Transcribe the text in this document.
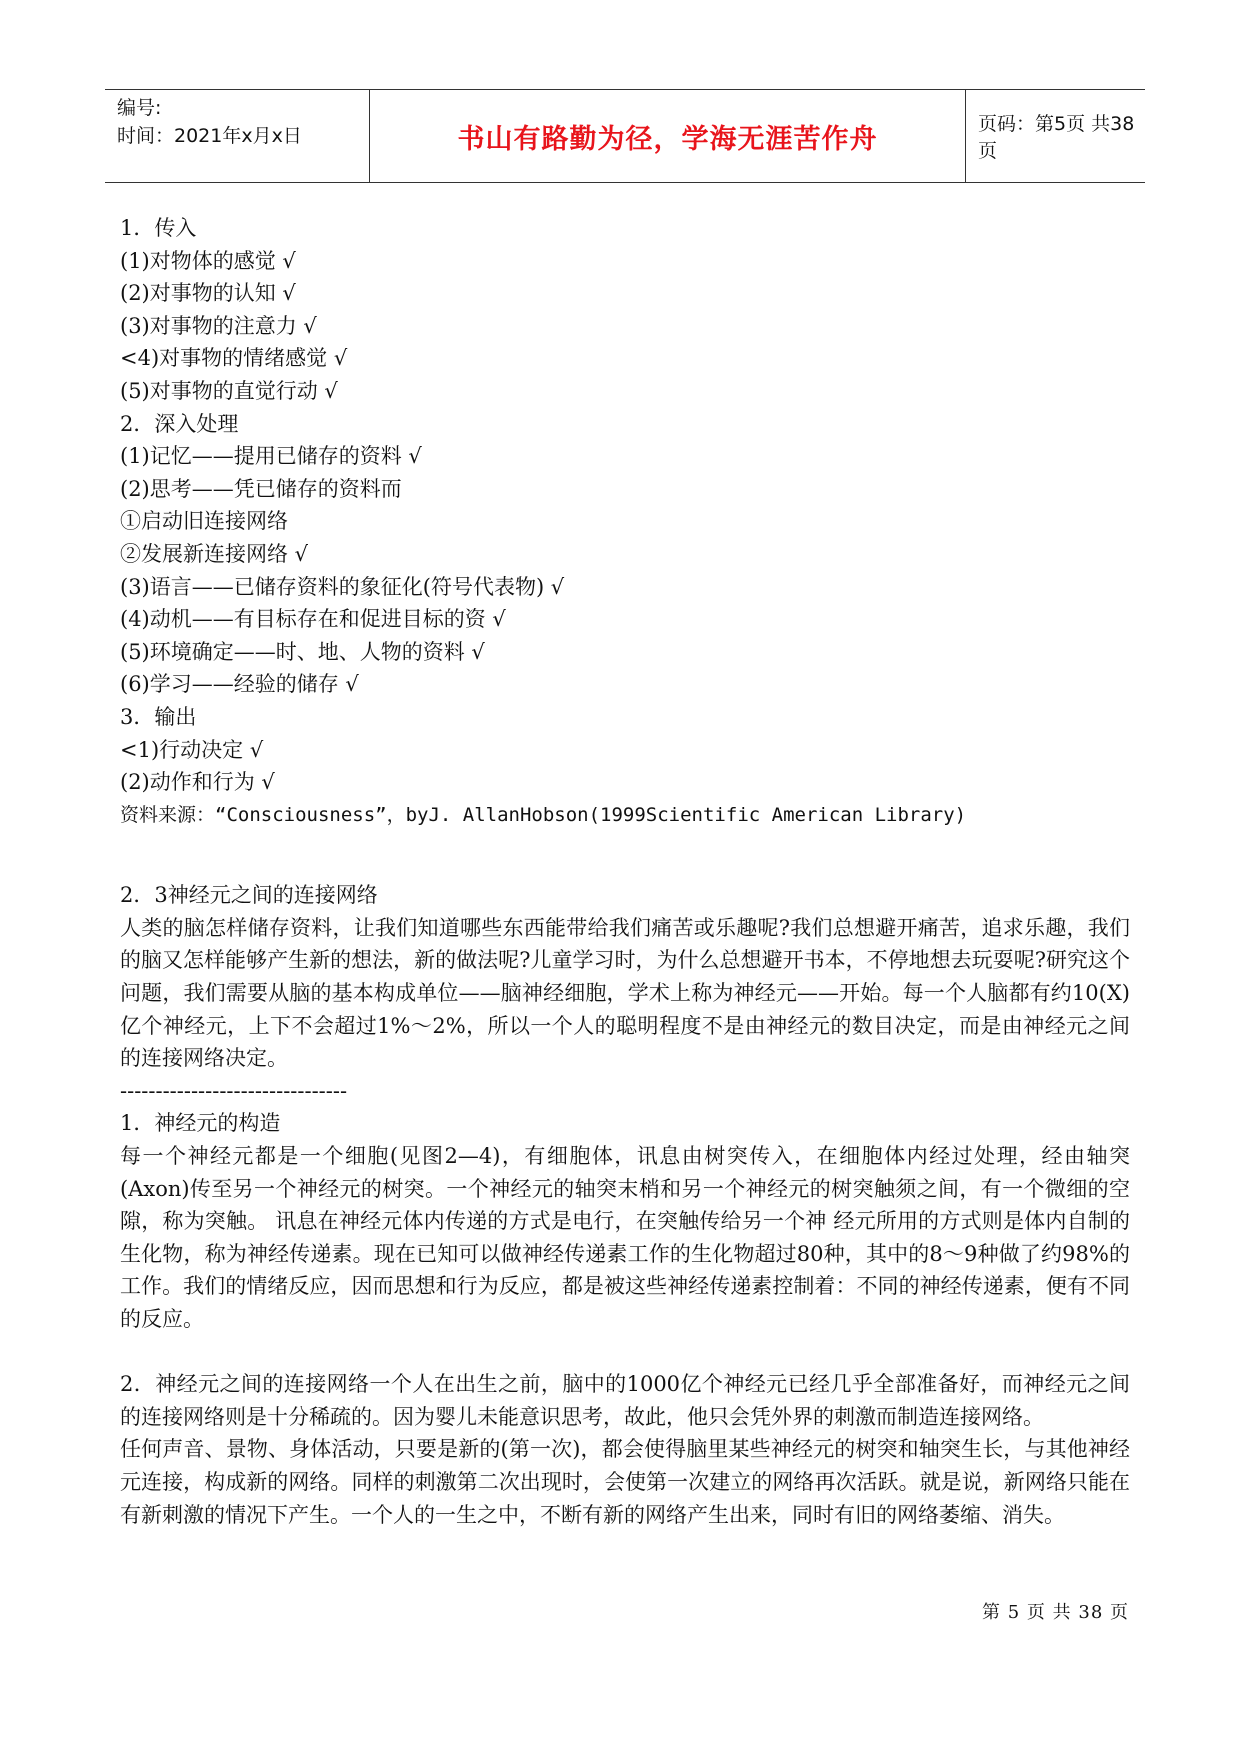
编号:
时间：2021年x月x日	书山有路勤为径，学海无涯苦作舟	页码：第5页 共38页
1．传入
(1)对物体的感觉 √
(2)对事物的认知 √
(3)对事物的注意力 √
<4)对事物的情绪感觉 √
(5)对事物的直觉行动 √
2．深入处理
(1)记忆——提用已储存的资料 √
(2)思考——凭已储存的资料而
①启动旧连接网络
②发展新连接网络 √
(3)语言——已储存资料的象征化(符号代表物) √
(4)动机——有目标存在和促进目标的资 √
(5)环境确定——时、地、人物的资料 √
(6)学习——经验的储存 √
3．输出
<1)行动决定 √
(2)动作和行为 √
资料来源：“Consciousness”，byJ. AllanHobson(1999Scientific American Library)
2．3神经元之间的连接网络
人类的脑怎样储存资料，让我们知道哪些东西能带给我们痛苦或乐趣呢?我们总想避开痛苦，追求乐趣，我们的脑又怎样能够产生新的想法，新的做法呢?儿童学习时，为什么总想避开书本，不停地想去玩耍呢?研究这个问题，我们需要从脑的基本构成单位——脑神经细胞，学术上称为神经元——开始。每一个人脑都有约10(X)亿个神经元，上下不会超过1%～2%，所以一个人的聪明程度不是由神经元的数目决定，而是由神经元之间的连接网络决定。
--------------------------------
1．神经元的构造
每一个神经元都是一个细胞(见图2—4)，有细胞体，讯息由树突传入，在细胞体内经过处理，经由轴突(Axon)传至另一个神经元的树突。一个神经元的轴突末梢和另一个神经元的树突触须之间，有一个微细的空隙，称为突触。 讯息在神经元体内传递的方式是电行，在突触传给另一个神 经元所用的方式则是体内自制的生化物，称为神经传递素。现在已知可以做神经传递素工作的生化物超过80种，其中的8～9种做了约98%的工作。我们的情绪反应，因而思想和行为反应，都是被这些神经传递素控制着：不同的神经传递素，便有不同的反应。
2．神经元之间的连接网络一个人在出生之前，脑中的1000亿个神经元已经几乎全部准备好，而神经元之间的连接网络则是十分稀疏的。因为婴儿未能意识思考，故此，他只会凭外界的刺激而制造连接网络。
任何声音、景物、身体活动，只要是新的(第一次)，都会使得脑里某些神经元的树突和轴突生长，与其他神经元连接，构成新的网络。同样的刺激第二次出现时，会使第一次建立的网络再次活跃。就是说，新网络只能在有新刺激的情况下产生。一个人的一生之中，不断有新的网络产生出来，同时有旧的网络萎缩、消失。
第 5 页 共 38 页
